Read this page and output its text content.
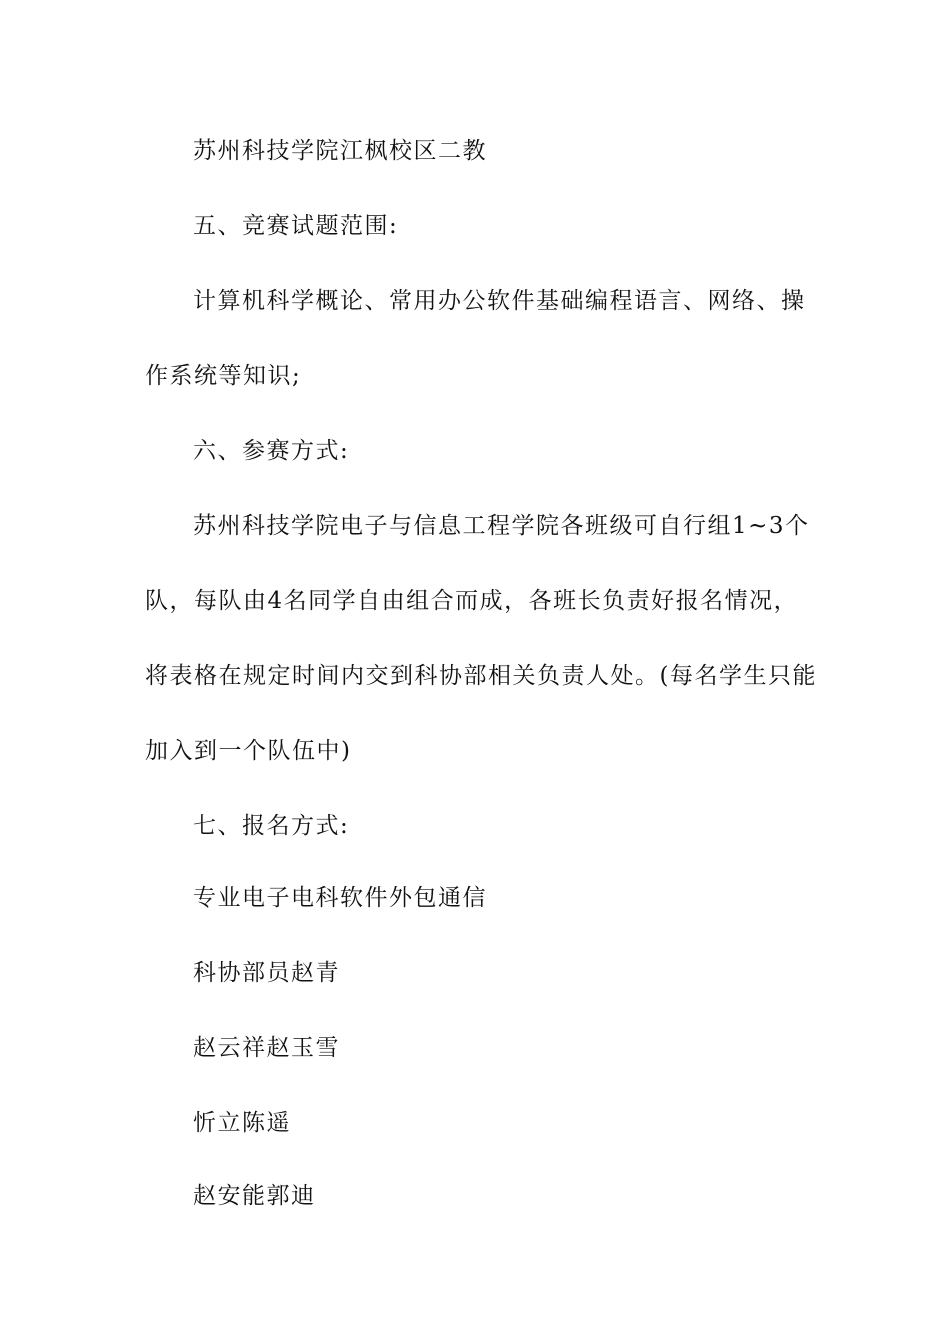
苏州科技学院江枫校区二教
五、竞赛试题范围:
计算机科学概论、常用办公软件基础编程语言、网络、操
作系统等知识;
六、参赛方式:
苏州科技学院电子与信息工程学院各班级可自行组1~3个
队，每队由4名同学自由组合而成，各班长负责好报名情况，
将表格在规定时间内交到科协部相关负责人处。(每名学生只能
加入到一个队伍中)
七、报名方式:
专业电子电科软件外包通信
科协部员赵青
赵云祥赵玉雪
忻立陈遥
赵安能郭迪
